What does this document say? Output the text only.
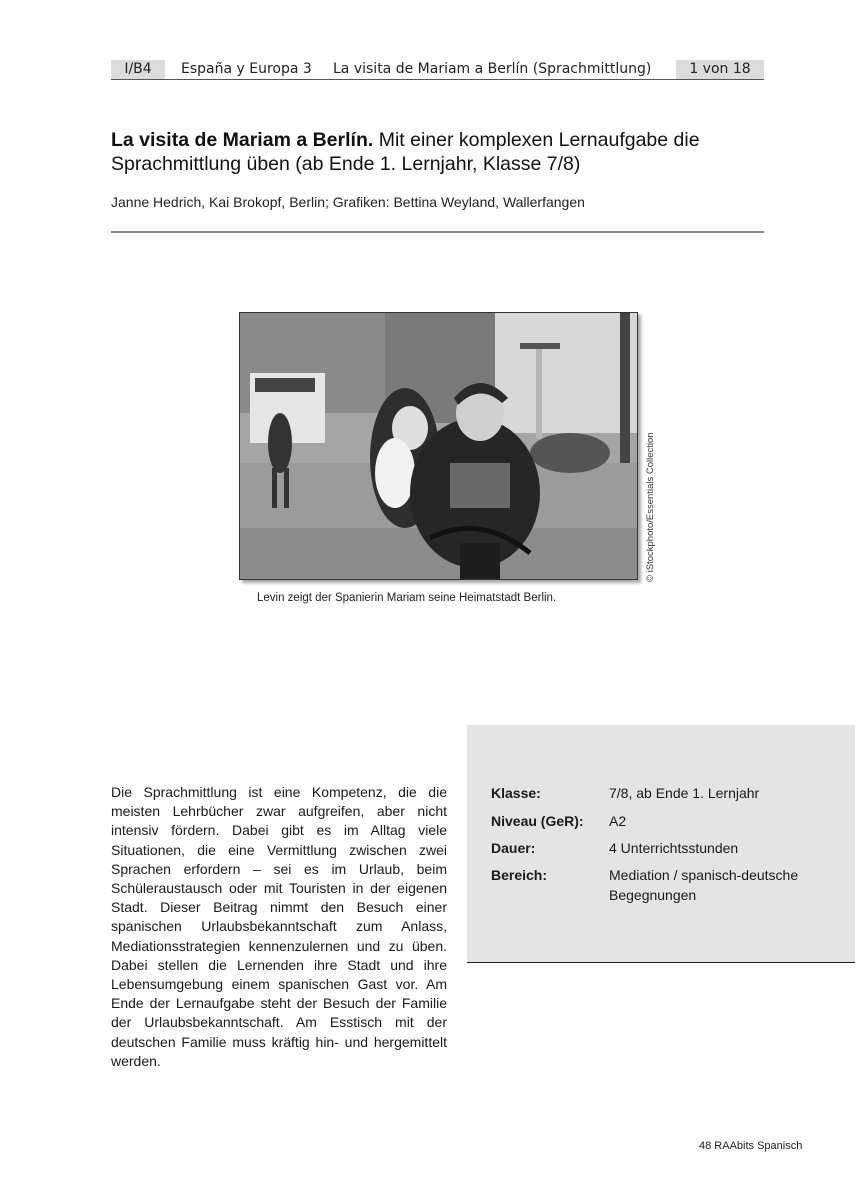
I/B4	España y Europa 3 La visita de Mariam a Berlín (Sprachmittlung)	1 von 18
La visita de Mariam a Berlín. Mit einer komplexen Lernaufgabe die Sprachmittlung üben (ab Ende 1. Lernjahr, Klasse 7/8)
Janne Hedrich, Kai Brokopf, Berlin; Grafiken: Bettina Weyland, Wallerfangen
© iStockphoto/Essentials Collection
Levin zeigt der Spanierin Mariam seine Heimatstadt Berlin.
Klasse:	7/8, ab Ende 1. Lernjahr
Niveau (GeR): A2
Dauer:	4 Unterrichtsstunden
Bereich:	Mediation / spanisch-deutsche Begegnungen
Die Sprachmittlung ist eine Kompetenz, die die meisten Lehrbücher zwar aufgreifen, aber nicht intensiv fördern. Dabei gibt es im Alltag viele Situationen, die eine Vermittlung zwischen zwei Sprachen erfordern – sei es im Urlaub, beim Schüleraustausch oder mit Touristen in der eigenen Stadt. Dieser Beitrag nimmt den Besuch einer spanischen Urlaubsbekanntschaft zum Anlass, Mediationsstrategien kennenzulernen und zu üben. Dabei stellen die Lernenden ihre Stadt und ihre Lebensumgebung einem spanischen Gast vor. Am Ende der Lernaufgabe steht der Besuch der Familie der Urlaubsbekanntschaft. Am Esstisch mit der deutschen Familie muss kräftig hin- und hergemittelt werden.
48 RAAbits Spanisch
